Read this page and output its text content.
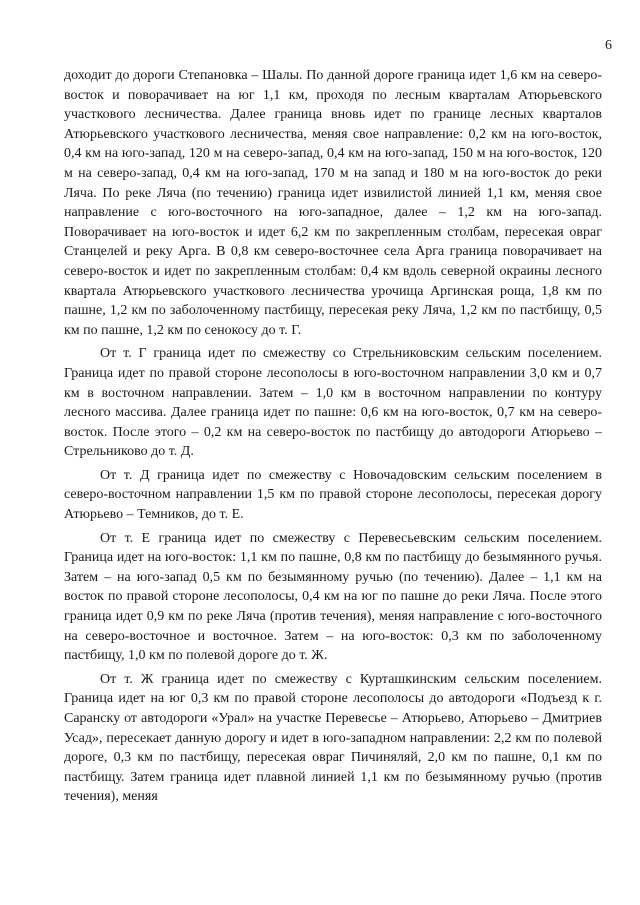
6

доходит до дороги Степановка – Шалы. По данной дороге граница идет 1,6 км на северо-восток и поворачивает на юг 1,1 км, проходя по лесным кварталам Атюрьевского участкового лесничества. Далее граница вновь идет по границе лесных кварталов Атюрьевского участкового лесничества, меняя свое направление: 0,2 км на юго-восток, 0,4 км на юго-запад, 120 м на северо-запад, 0,4 км на юго-запад, 150 м на юго-восток, 120 м на северо-запад, 0,4 км на юго-запад, 170 м на запад и 180 м на юго-восток до реки Ляча. По реке Ляча (по течению) граница идет извилистой линией 1,1 км, меняя свое направление с юго-восточного на юго-западное, далее – 1,2 км на юго-запад. Поворачивает на юго-восток и идет 6,2 км по закрепленным столбам, пересекая овраг Станцелей и реку Арга. В 0,8 км северо-восточнее села Арга граница поворачивает на северо-восток и идет по закрепленным столбам: 0,4 км вдоль северной окраины лесного квартала Атюрьевского участкового лесничества урочища Аргинская роща, 1,8 км по пашне, 1,2 км по заболоченному пастбищу, пересекая реку Ляча, 1,2 км по пастбищу, 0,5 км по пашне, 1,2 км по сенокосу до т. Г.

От т. Г граница идет по смежеству со Стрельниковским сельским поселением. Граница идет по правой стороне лесополосы в юго-восточном направлении 3,0 км и 0,7 км в восточном направлении. Затем – 1,0 км в восточном направлении по контуру лесного массива. Далее граница идет по пашне: 0,6 км на юго-восток, 0,7 км на северо-восток. После этого – 0,2 км на северо-восток по пастбищу до автодороги Атюрьево – Стрельниково до т. Д.

От т. Д граница идет по смежеству с Новочадовским сельским поселением в северо-восточном направлении 1,5 км по правой стороне лесополосы, пересекая дорогу Атюрьево – Темников, до т. Е.

От т. Е граница идет по смежеству с Перевесьевским сельским поселением. Граница идет на юго-восток: 1,1 км по пашне, 0,8 км по пастбищу до безымянного ручья. Затем – на юго-запад 0,5 км по безымянному ручью (по течению). Далее – 1,1 км на восток по правой стороне лесополосы, 0,4 км на юг по пашне до реки Ляча. После этого граница идет 0,9 км по реке Ляча (против течения), меняя направление с юго-восточного на северо-восточное и восточное. Затем – на юго-восток: 0,3 км по заболоченному пастбищу, 1,0 км по полевой дороге до т. Ж.

От т. Ж граница идет по смежеству с Курташкинским сельским поселением. Граница идет на юг 0,3 км по правой стороне лесополосы до автодороги «Подъезд к г. Саранску от автодороги «Урал» на участке Перевесье – Атюрьево, Атюрьево – Дмитриев Усад», пересекает данную дорогу и идет в юго-западном направлении: 2,2 км по полевой дороге, 0,3 км по пастбищу, пересекая овраг Пичиняляй, 2,0 км по пашне, 0,1 км по пастбищу. Затем граница идет плавной линией 1,1 км по безымянному ручью (против течения), меняя
